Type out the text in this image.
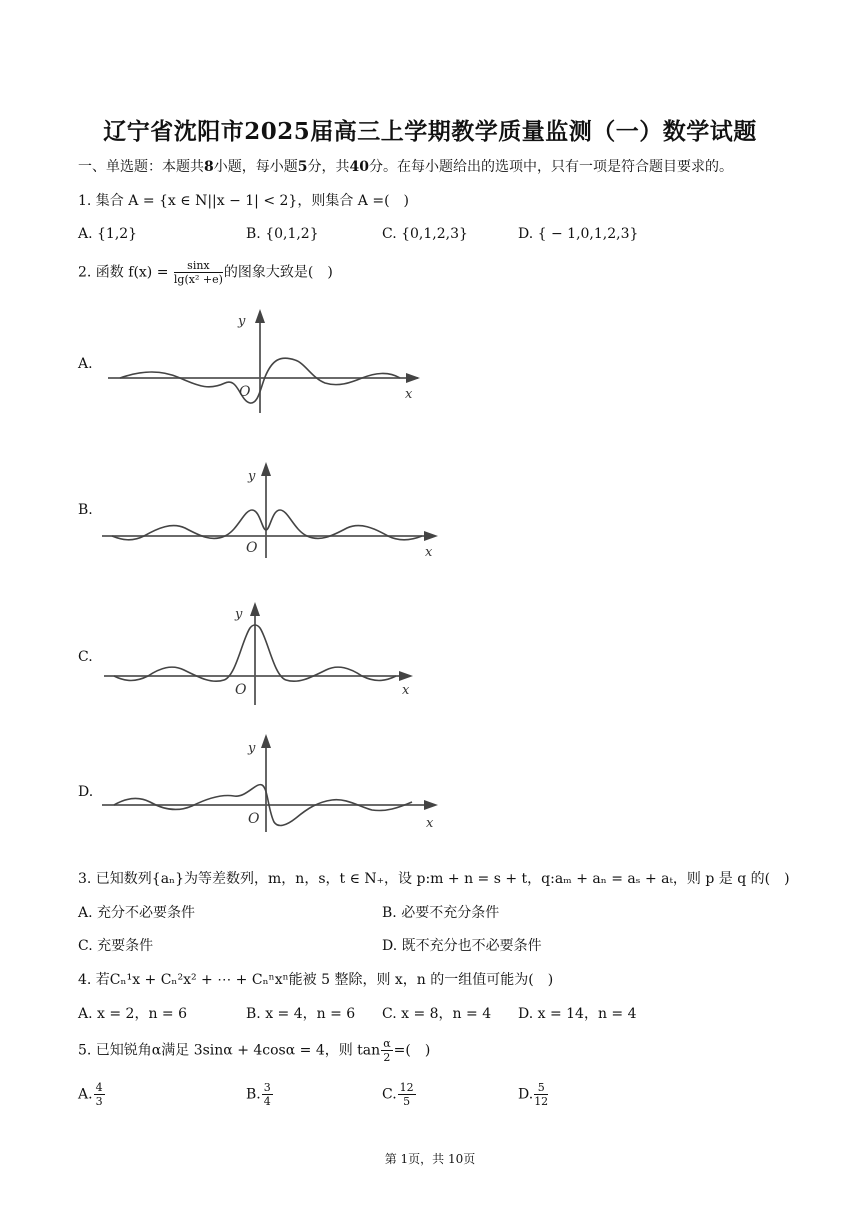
辽宁省沈阳市2025届高三上学期教学质量监测（一）数学试题
一、单选题：本题共8小题，每小题5分，共40分。在每小题给出的选项中，只有一项是符合题目要求的。
1. 集合 A = {x ∈ N||x − 1| < 2}，则集合 A =(　)
A. {1,2}	B. {0,1,2}	C. {0,1,2,3}	D. { − 1,0,1,2,3}
2. 函数 $f(x) = \frac{\sin x}{\text{lg(x² +e)}}$ 的图象大致是(　)
A.
B.
C.
D.
O
y
x
O
y
x
O
y
x
O
y
x
3. 已知数列{aₙ}为等差数列，m，n，s，t ∈ N₊，设 p:m + n = s + t，q:aₘ + aₙ = aₛ + aₜ，则 p 是 q 的(　)
A. 充分不必要条件	B. 必要不充分条件
C. 充要条件	D. 既不充分也不必要条件
4. 若Cₙ¹x + Cₙ²x² + ⋯ + Cₙⁿxⁿ能被 5 整除，则 x，n 的一组值可能为(　)
A. x = 2，n = 6	B. x = 4，n = 6 C. x = 8，n = 4 D. x = 14，n = 4
5. 已知锐角α满足 3sinα + 4cosα = 4，则 $\tan \frac{\alpha}{2}$ =(　)
A. $\frac{4}{3}$	B. $\frac{3}{4}$	C. $\frac{12}{5}$	D. $\frac{5}{12}$
第 1页，共 10页
